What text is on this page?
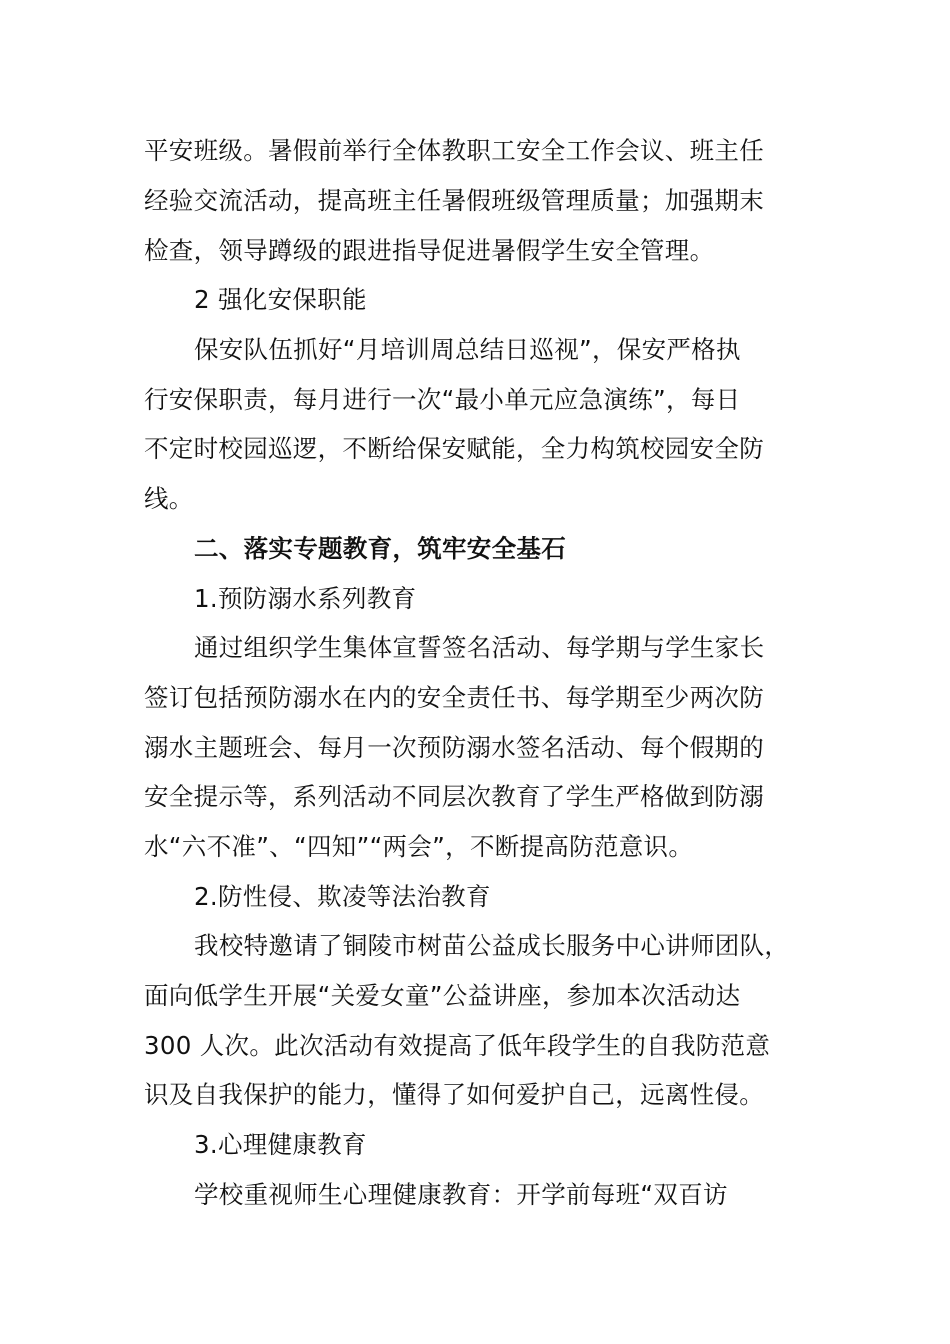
平安班级。暑假前举行全体教职工安全工作会议、班主任
经验交流活动，提高班主任暑假班级管理质量；加强期末
检查，领导蹲级的跟进指导促进暑假学生安全管理。
2 强化安保职能
保安队伍抓好“月培训周总结日巡视”，保安严格执
行安保职责，每月进行一次“最小单元应急演练”，每日
不定时校园巡逻，不断给保安赋能，全力构筑校园安全防
线。
二、落实专题教育，筑牢安全基石
1.预防溺水系列教育
通过组织学生集体宣誓签名活动、每学期与学生家长
签订包括预防溺水在内的安全责任书、每学期至少两次防
溺水主题班会、每月一次预防溺水签名活动、每个假期的
安全提示等，系列活动不同层次教育了学生严格做到防溺
水“六不准”、“四知”“两会”，不断提高防范意识。
2.防性侵、欺凌等法治教育
我校特邀请了铜陵市树苗公益成长服务中心讲师团队，
面向低学生开展“关爱女童”公益讲座，参加本次活动达
300 人次。此次活动有效提高了低年段学生的自我防范意
识及自我保护的能力，懂得了如何爱护自己，远离性侵。
3.心理健康教育
学校重视师生心理健康教育：开学前每班“双百访
